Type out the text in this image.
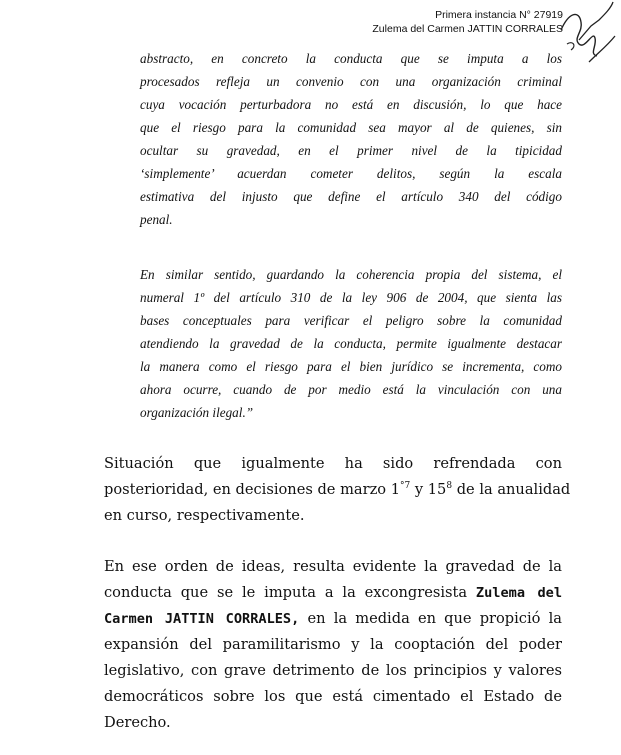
Primera instancia N° 27919
Zulema del Carmen JATTIN CORRALES
abstracto, en concreto la conducta que se imputa a los
procesados refleja un convenio con una organización criminal
cuya vocación perturbadora no está en discusión, lo que hace
que el riesgo para la comunidad sea mayor al de quienes, sin
ocultar su gravedad, en el primer nivel de la tipicidad
‘simplemente’ acuerdan cometer delitos, según la escala
estimativa del injusto que define el artículo 340 del código
penal.
En similar sentido, guardando la coherencia propia del sistema, el
numeral 1º del artículo 310 de la ley 906 de 2004, que sienta las
bases conceptuales para verificar el peligro sobre la comunidad
atendiendo la gravedad de la conducta, permite igualmente destacar
la manera como el riesgo para el bien jurídico se incrementa, como
ahora ocurre, cuando de por medio está la vinculación con una
organización ilegal.”
Situación que igualmente ha sido refrendada con
posterioridad, en decisiones de marzo $1^{^\circ 7}$ y $15^8$ de la anualidad
en curso, respectivamente.
En ese orden de ideas, resulta evidente la gravedad de la
conducta que se le imputa a la excongresista Zulema del
Carmen JATTIN CORRALES, en la medida en que propició la
expansión del paramilitarismo y la cooptación del poder
legislativo, con grave detrimento de los principios y valores
democráticos sobre los que está cimentado el Estado de
Derecho.
